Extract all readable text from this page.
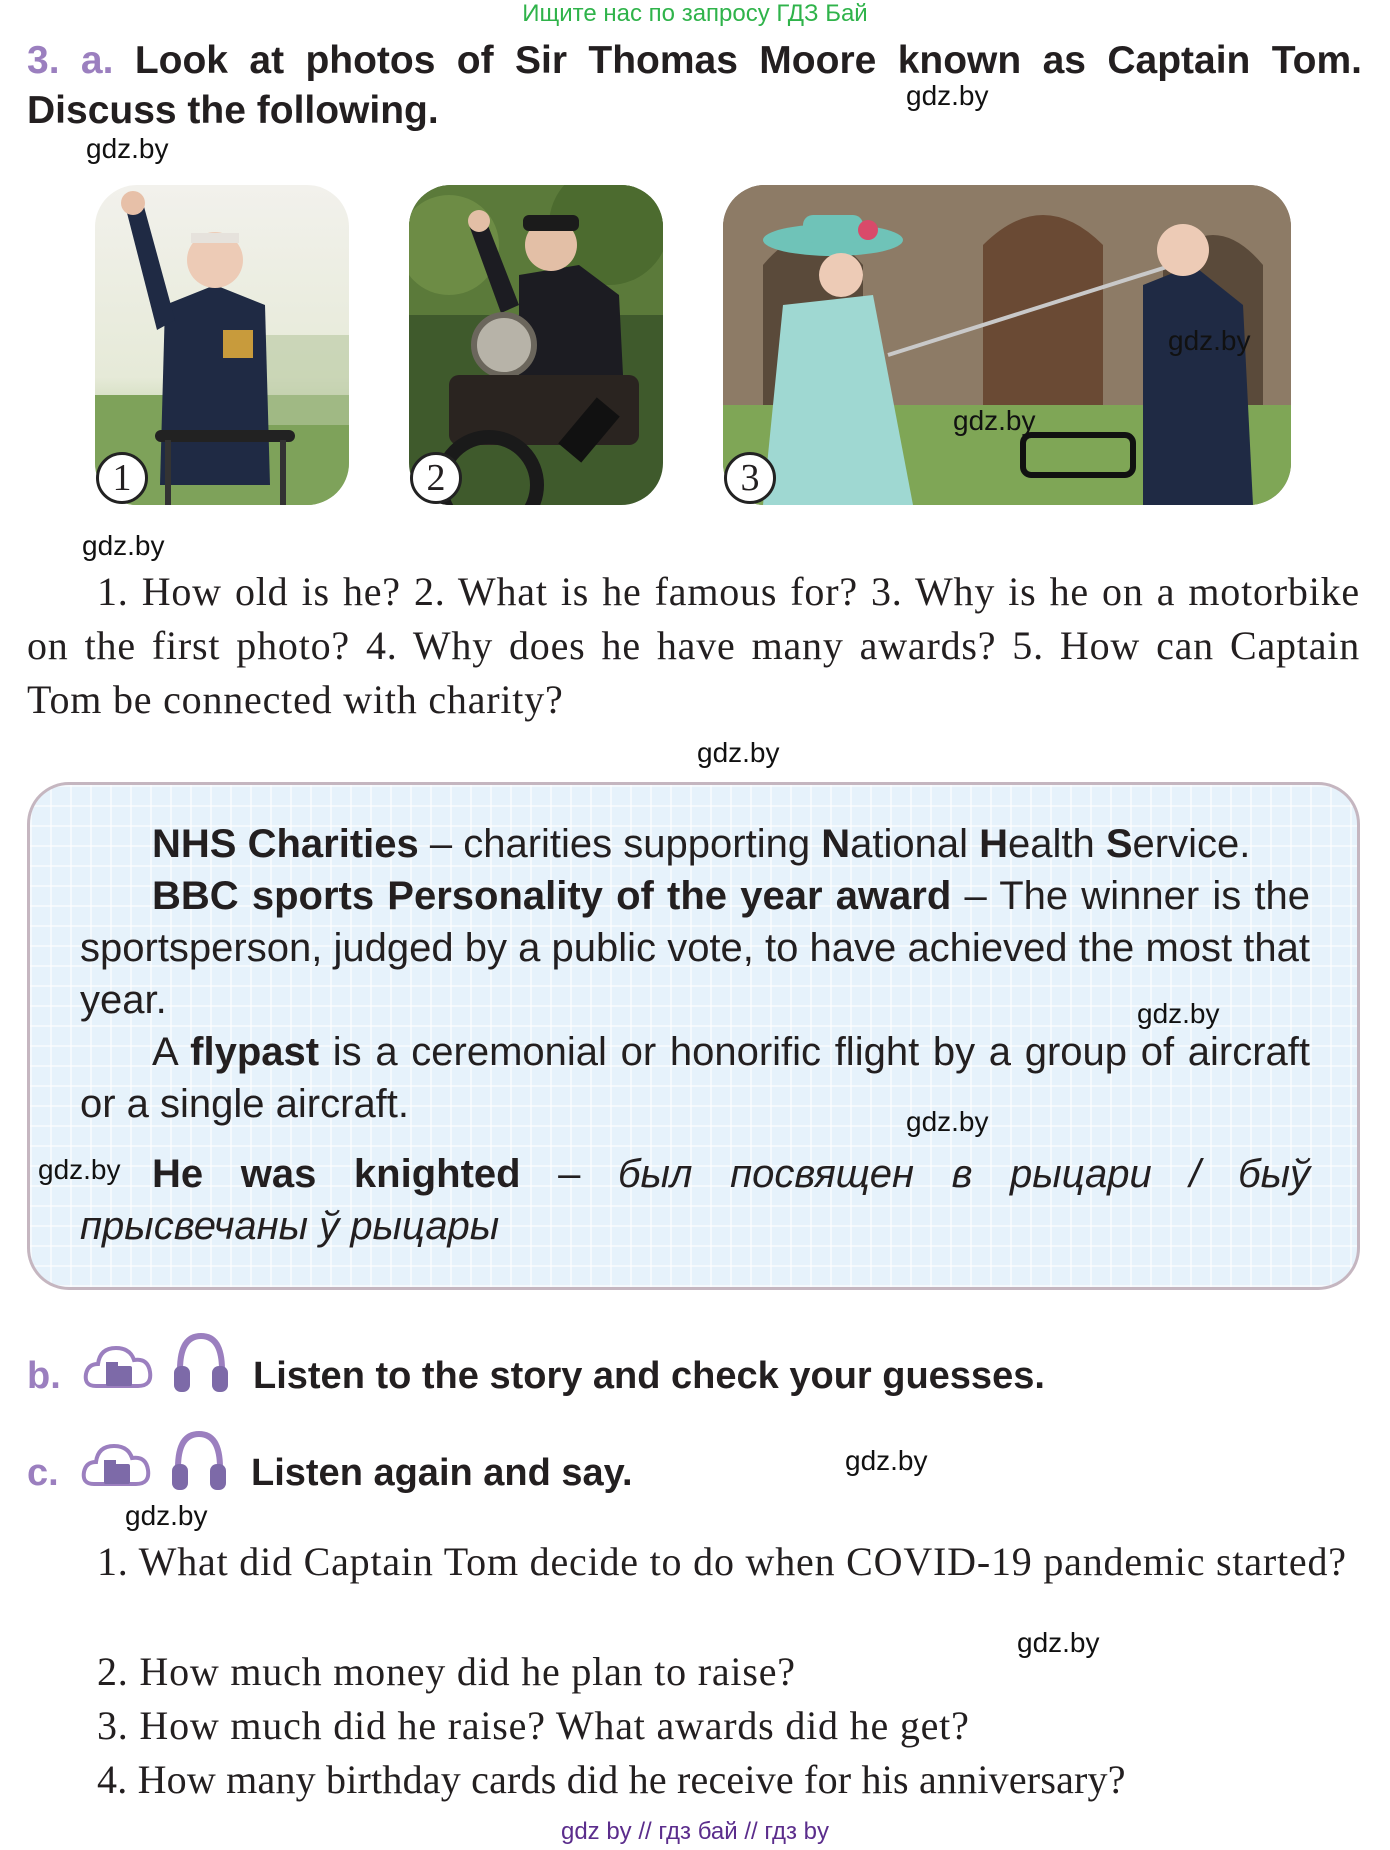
Ищите нас по запросу ГДЗ Бай
3. a. Look at photos of Sir Thomas Moore known as Captain Tom. Discuss the following.	gdz.by
gdz.by
1	2	3
gdz.by
gdz.by
gdz.by
1. How old is he? 2. What is he famous for? 3. Why is he on a motorbike on the first photo? 4. Why does he have many awards? 5. How can Captain Tom be connected with charity?
gdz.by
NHS Charities – charities supporting National Health Service.
BBC sports Personality of the year award – The winner is the sportsperson, judged by a public vote, to have achieved the most that year.	gdz.by
A flypast is a ceremonial or honorific flight by a group of aircraft or a single aircraft.	gdz.by
gdz.by He was knighted – был посвящен в рыцари / быў прысвечаны ў рыцары
b.	Listen to the story and check your guesses.
c.	Listen again and say.	gdz.by
gdz.by
1. What did Captain Tom decide to do when COVID-19 pandemic started?
gdz.by
2. How much money did he plan to raise?
3. How much did he raise? What awards did he get?
4. How many birthday cards did he receive for his anniversary?
gdz by // гдз бай // гдз by
